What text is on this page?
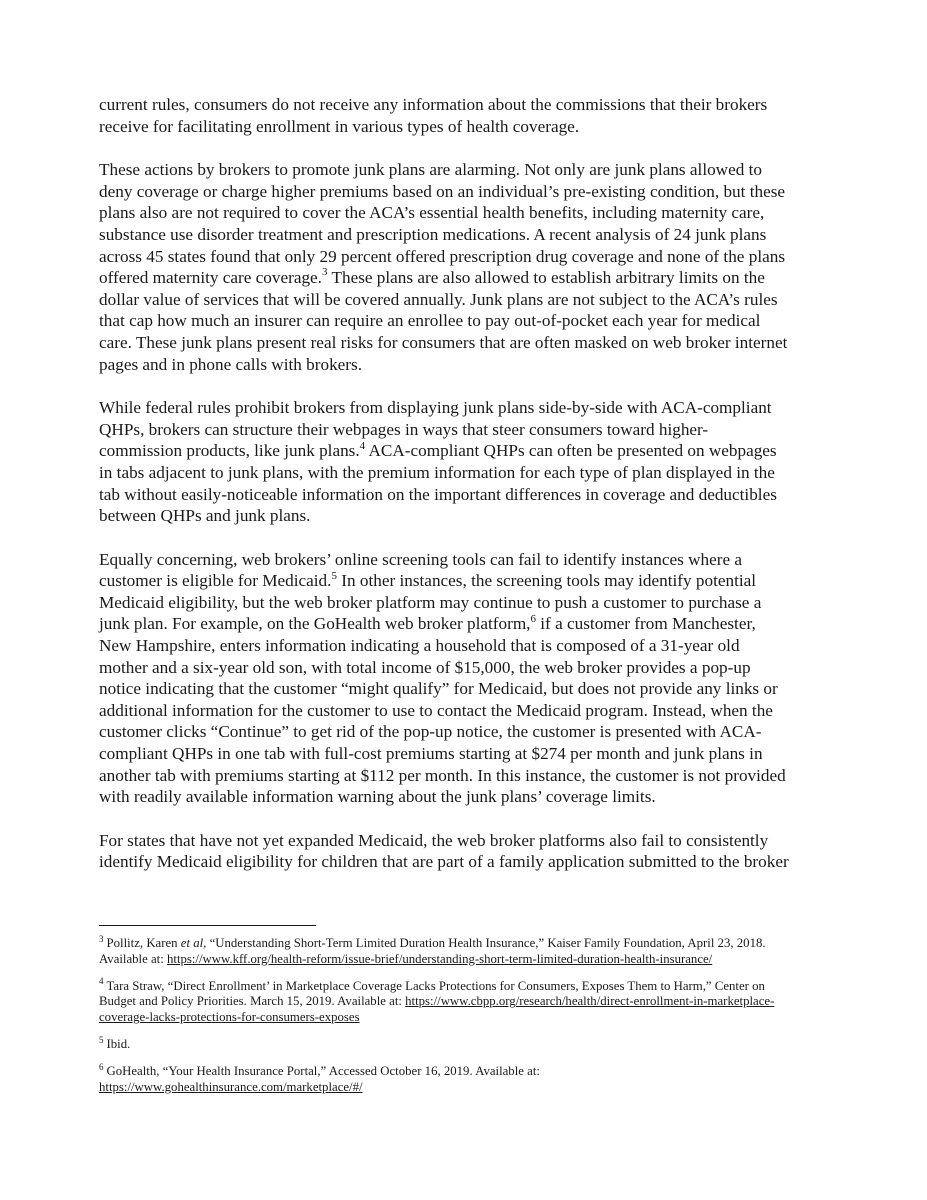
current rules, consumers do not receive any information about the commissions that their brokers
receive for facilitating enrollment in various types of health coverage.

These actions by brokers to promote junk plans are alarming. Not only are junk plans allowed to
deny coverage or charge higher premiums based on an individual’s pre-existing condition, but these
plans also are not required to cover the ACA’s essential health benefits, including maternity care,
substance use disorder treatment and prescription medications. A recent analysis of 24 junk plans
across 45 states found that only 29 percent offered prescription drug coverage and none of the plans
offered maternity care coverage.$^3$ These plans are also allowed to establish arbitrary limits on the
dollar value of services that will be covered annually. Junk plans are not subject to the ACA’s rules
that cap how much an insurer can require an enrollee to pay out-of-pocket each year for medical
care. These junk plans present real risks for consumers that are often masked on web broker internet
pages and in phone calls with brokers.

While federal rules prohibit brokers from displaying junk plans side-by-side with ACA-compliant
QHPs, brokers can structure their webpages in ways that steer consumers toward higher-
commission products, like junk plans.$^4$ ACA-compliant QHPs can often be presented on webpages
in tabs adjacent to junk plans, with the premium information for each type of plan displayed in the
tab without easily-noticeable information on the important differences in coverage and deductibles
between QHPs and junk plans.

Equally concerning, web brokers’ online screening tools can fail to identify instances where a
customer is eligible for Medicaid.$^5$ In other instances, the screening tools may identify potential
Medicaid eligibility, but the web broker platform may continue to push a customer to purchase a
junk plan. For example, on the GoHealth web broker platform,$^6$ if a customer from Manchester,
New Hampshire, enters information indicating a household that is composed of a 31-year old
mother and a six-year old son, with total income of $15,000, the web broker provides a pop-up
notice indicating that the customer “might qualify” for Medicaid, but does not provide any links or
additional information for the customer to use to contact the Medicaid program. Instead, when the
customer clicks “Continue” to get rid of the pop-up notice, the customer is presented with ACA-
compliant QHPs in one tab with full-cost premiums starting at $274 per month and junk plans in
another tab with premiums starting at $112 per month. In this instance, the customer is not provided
with readily available information warning about the junk plans’ coverage limits.

For states that have not yet expanded Medicaid, the web broker platforms also fail to consistently
identify Medicaid eligibility for children that are part of a family application submitted to the broker

$^3$ Pollitz, Karen et al, “Understanding Short-Term Limited Duration Health Insurance,” Kaiser Family Foundation, April 23, 2018.
Available at: https://www.kff.org/health-reform/issue-brief/understanding-short-term-limited-duration-health-insurance/
$^4$ Tara Straw, “Direct Enrollment’ in Marketplace Coverage Lacks Protections for Consumers, Exposes Them to Harm,” Center on
Budget and Policy Priorities. March 15, 2019. Available at: https://www.cbpp.org/research/health/direct-enrollment-in-marketplace-
coverage-lacks-protections-for-consumers-exposes
$^5$ Ibid.
$^6$ GoHealth, “Your Health Insurance Portal,” Accessed October 16, 2019. Available at:
https://www.gohealthinsurance.com/marketplace/#/
